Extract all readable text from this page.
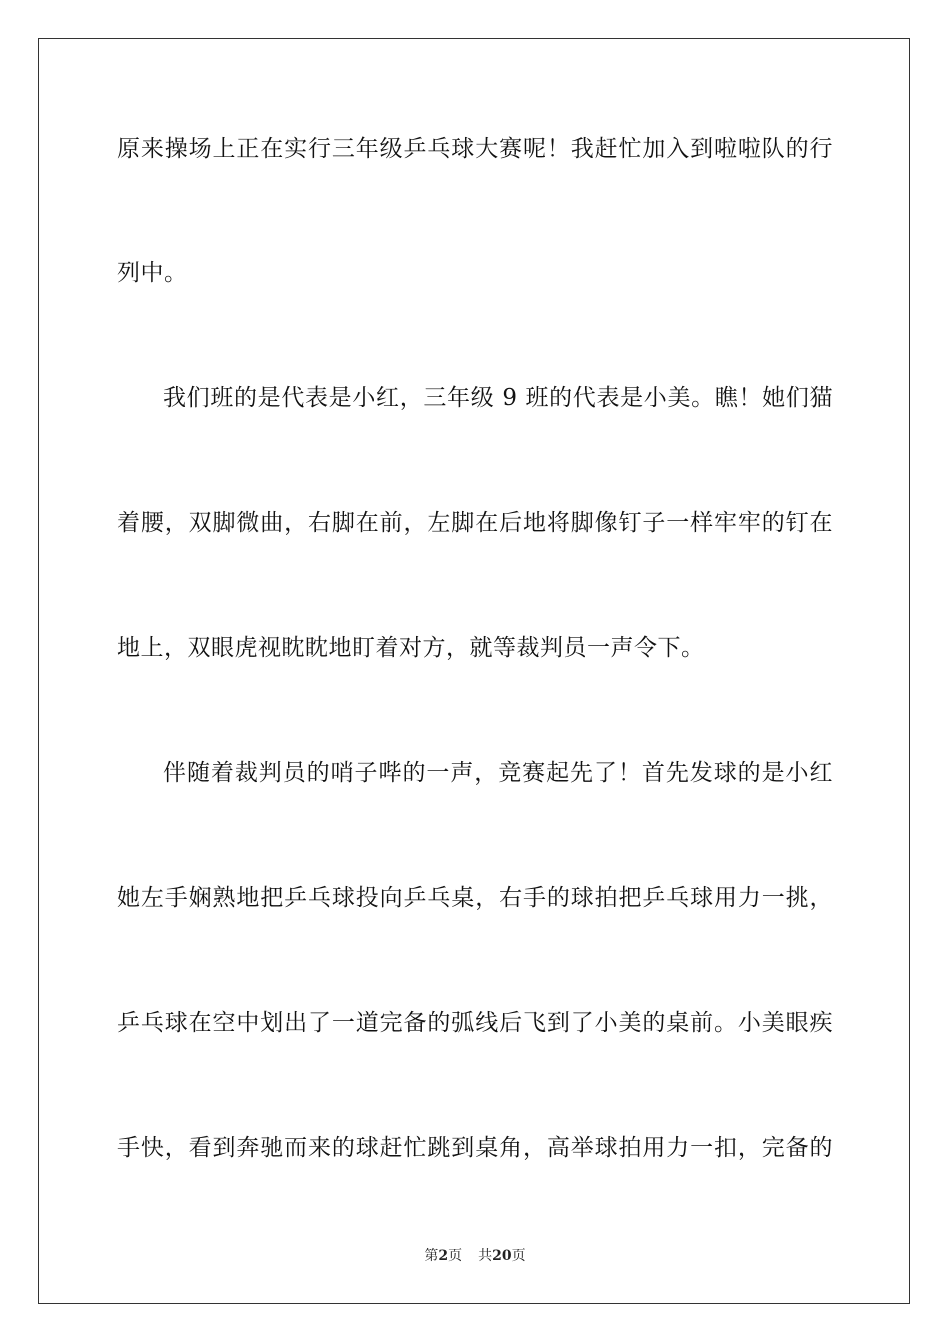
原来操场上正在实行三年级乒乓球大赛呢！我赶忙加入到啦啦队的行
列中。
我们班的是代表是小红，三年级 9 班的代表是小美。瞧！她们猫
着腰，双脚微曲，右脚在前，左脚在后地将脚像钉子一样牢牢的钉在
地上，双眼虎视眈眈地盯着对方，就等裁判员一声令下。
伴随着裁判员的哨子哔的一声，竞赛起先了！首先发球的是小红
她左手娴熟地把乒乓球投向乒乓桌，右手的球拍把乒乓球用力一挑，
乒乓球在空中划出了一道完备的弧线后飞到了小美的桌前。小美眼疾
手快，看到奔驰而来的球赶忙跳到桌角，高举球拍用力一扣，完备的
第2页 共20页
